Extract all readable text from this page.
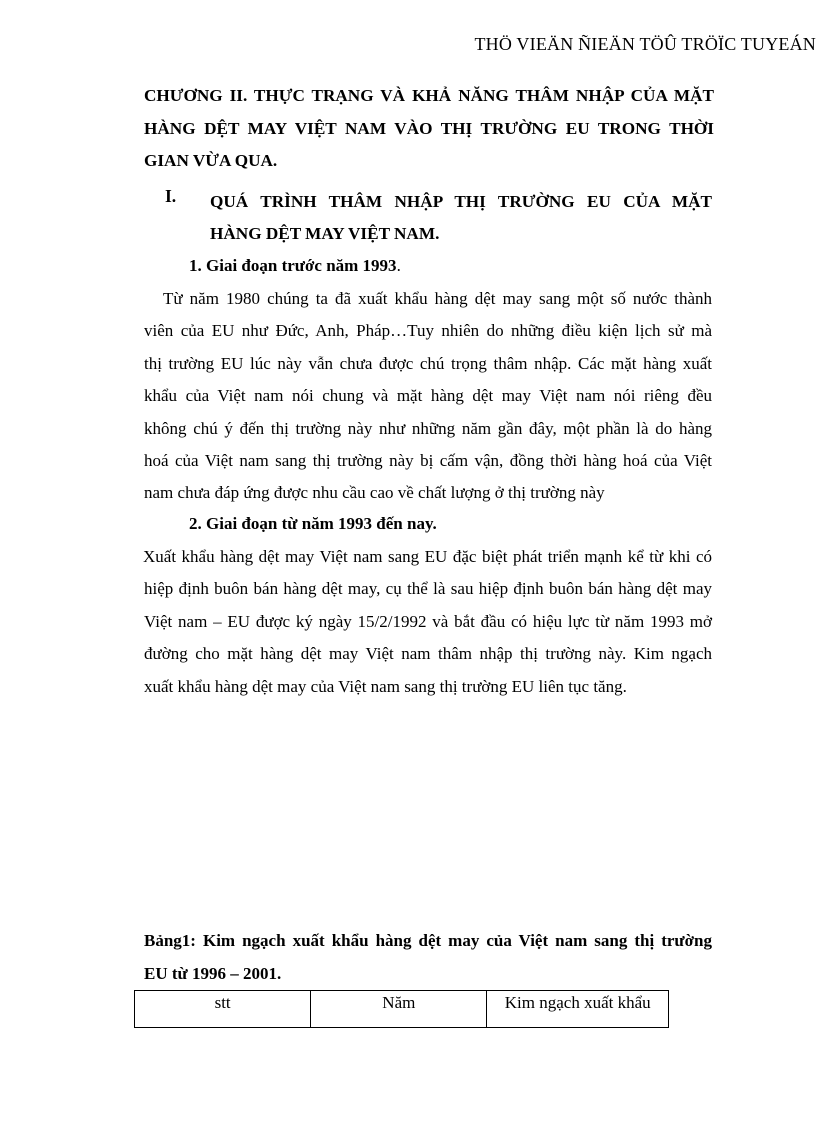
THÖ VIEÄN ÑIEÄN TÖÛ TRÖÏC TUYEÁN
CHƯƠNG II. THỰC TRẠNG VÀ KHẢ NĂNG THÂM NHẬP CỦA MẶT
HÀNG DỆT MAY VIỆT NAM VÀO THỊ TRƯỜNG EU TRONG THỜI
GIAN VỪA QUA.
I. QUÁ TRÌNH THÂM NHẬP THỊ TRƯỜNG EU CỦA MẶT
HÀNG DỆT MAY VIỆT NAM.
1. Giai đoạn trước năm 1993.
Từ năm 1980 chúng ta đã xuất khẩu hàng dệt may sang một số nước thành
viên của EU như Đức, Anh, Pháp…Tuy nhiên do những điều kiện lịch sử mà
thị trường EU lúc này vẫn chưa được chú trọng thâm nhập. Các mặt hàng xuất
khẩu của Việt nam nói chung và mặt hàng dệt may Việt nam nói riêng đều
không chú ý đến thị trường này như những năm gần đây, một phần là do hàng
hoá của Việt nam sang thị trường này bị cấm vận, đồng thời hàng hoá của Việt
nam chưa đáp ứng được nhu cầu cao về chất lượng ở thị trường này
2. Giai đoạn từ năm 1993 đến nay.
Xuất khẩu hàng dệt may Việt nam sang EU đặc biệt phát triển mạnh kể từ khi có
hiệp định buôn bán hàng dệt may, cụ thể là sau hiệp định buôn bán hàng dệt may
Việt nam – EU được ký ngày 15/2/1992 và bắt đầu có hiệu lực từ năm 1993 mở
đường cho mặt hàng dệt may Việt nam thâm nhập thị trường này. Kim ngạch
xuất khẩu hàng dệt may của Việt nam sang thị trường EU liên tục tăng.
Bảng1: Kim ngạch xuất khẩu hàng dệt may của Việt nam sang thị trường
EU từ 1996 – 2001.
stt	Năm	Kim ngạch xuất khẩu
